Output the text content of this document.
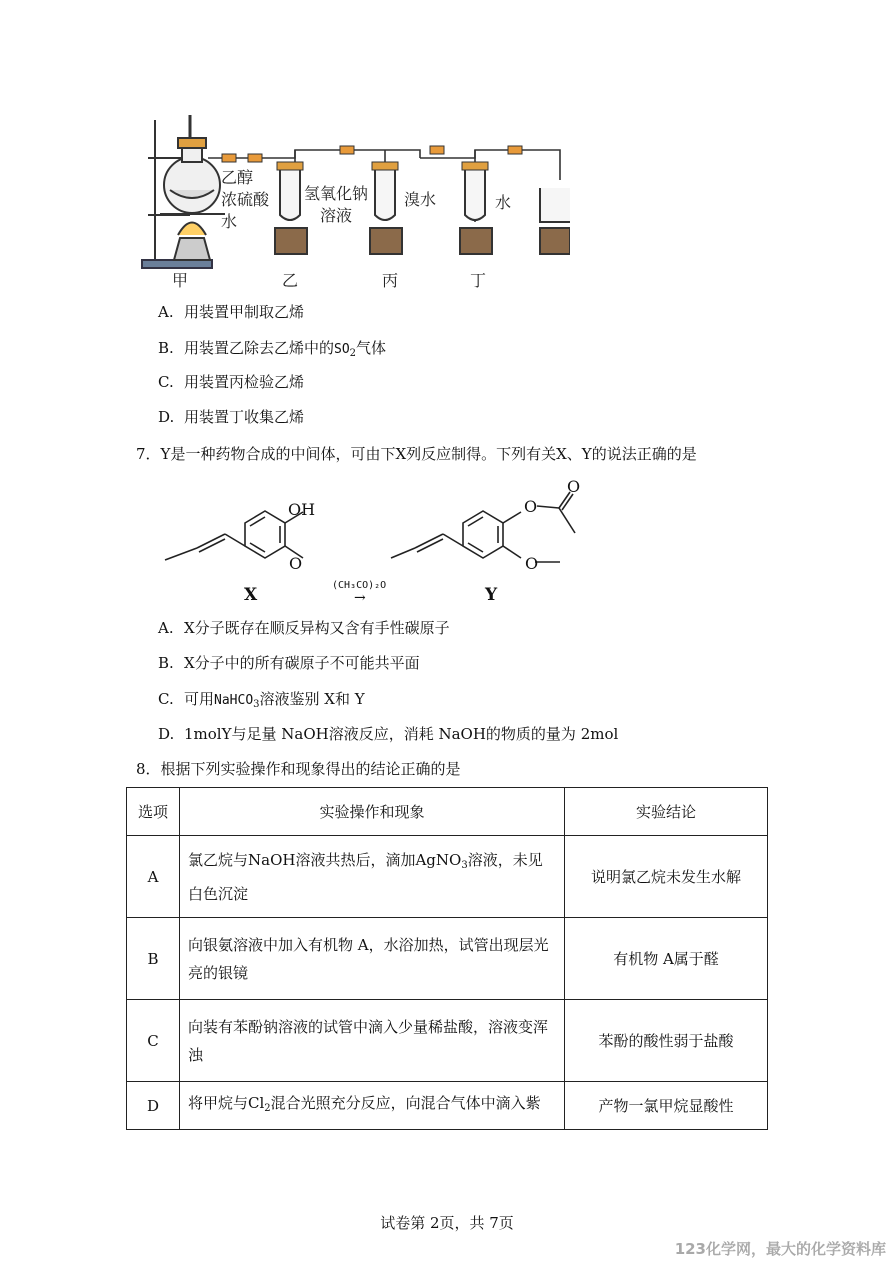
乙醇
浓硫酸
水
氢氧化钠
溶液
溴水	水
甲	乙	丙	丁
A. 用装置甲制取乙烯
B. 用装置乙除去乙烯中的$SO_2$气体
C. 用装置丙检验乙烯
D. 用装置丁收集乙烯
7．Y是一种药物合成的中间体，可由下X列反应制得。下列有关X、Y的说法正确的是
OH
O
O
O
O
(CH₃CO)₂O
→
X	Y
A. X分子既存在顺反异构又含有手性碳原子
B. X分子中的所有碳原子不可能共平面
C. 可用NaHCO$_3$溶液鉴别 X和 Y
D. 1molY与足量 NaOH溶液反应，消耗 NaOH的物质的量为 2mol
8．根据下列实验操作和现象得出的结论正确的是
选项	实验操作和现象	实验结论
A	氯乙烷与NaOH溶液共热后，滴加AgNO$_3$溶液，未见白色沉淀	说明氯乙烷未发生水解
B	向银氨溶液中加入有机物 A，水浴加热，试管出现层光亮的银镜	有机物 A属于醛
C	向装有苯酚钠溶液的试管中滴入少量稀盐酸，溶液变浑浊	苯酚的酸性弱于盐酸
D	将甲烷与$Cl_2$混合光照充分反应，向混合气体中滴入紫	产物一氯甲烷显酸性
试卷第 2页，共 7页
123化学网，最大的化学资料库
